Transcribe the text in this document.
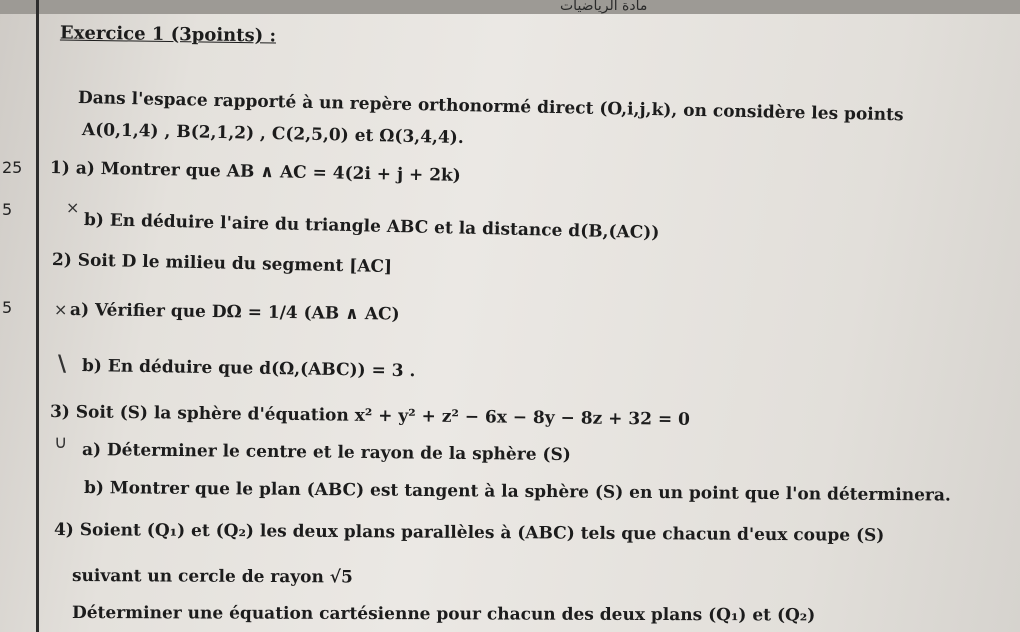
مادة الرياضيات
Exercice 1 (3points) :
Dans l'espace rapporté à un repère orthonormé direct (O,i,j,k), on considère les points
A(0,1,4) , B(2,1,2) , C(2,5,0) et Ω(3,4,4).
25
5
5
×
×
\
∪
1) a) Montrer que AB ∧ AC = 4(2i + j + 2k)
b) En déduire l'aire du triangle ABC et la distance d(B,(AC))
2) Soit D le milieu du segment [AC]
a) Vérifier que DΩ = 1/4 (AB ∧ AC)
b) En déduire que d(Ω,(ABC)) = 3 .
3) Soit (S) la sphère d'équation x² + y² + z² − 6x − 8y − 8z + 32 = 0
a) Déterminer le centre et le rayon de la sphère (S)
b) Montrer que le plan (ABC) est tangent à la sphère (S) en un point que l'on déterminera.
4) Soient (Q₁) et (Q₂) les deux plans parallèles à (ABC) tels que chacun d'eux coupe (S)
suivant un cercle de rayon √5
Déterminer une équation cartésienne pour chacun des deux plans (Q₁) et (Q₂)
